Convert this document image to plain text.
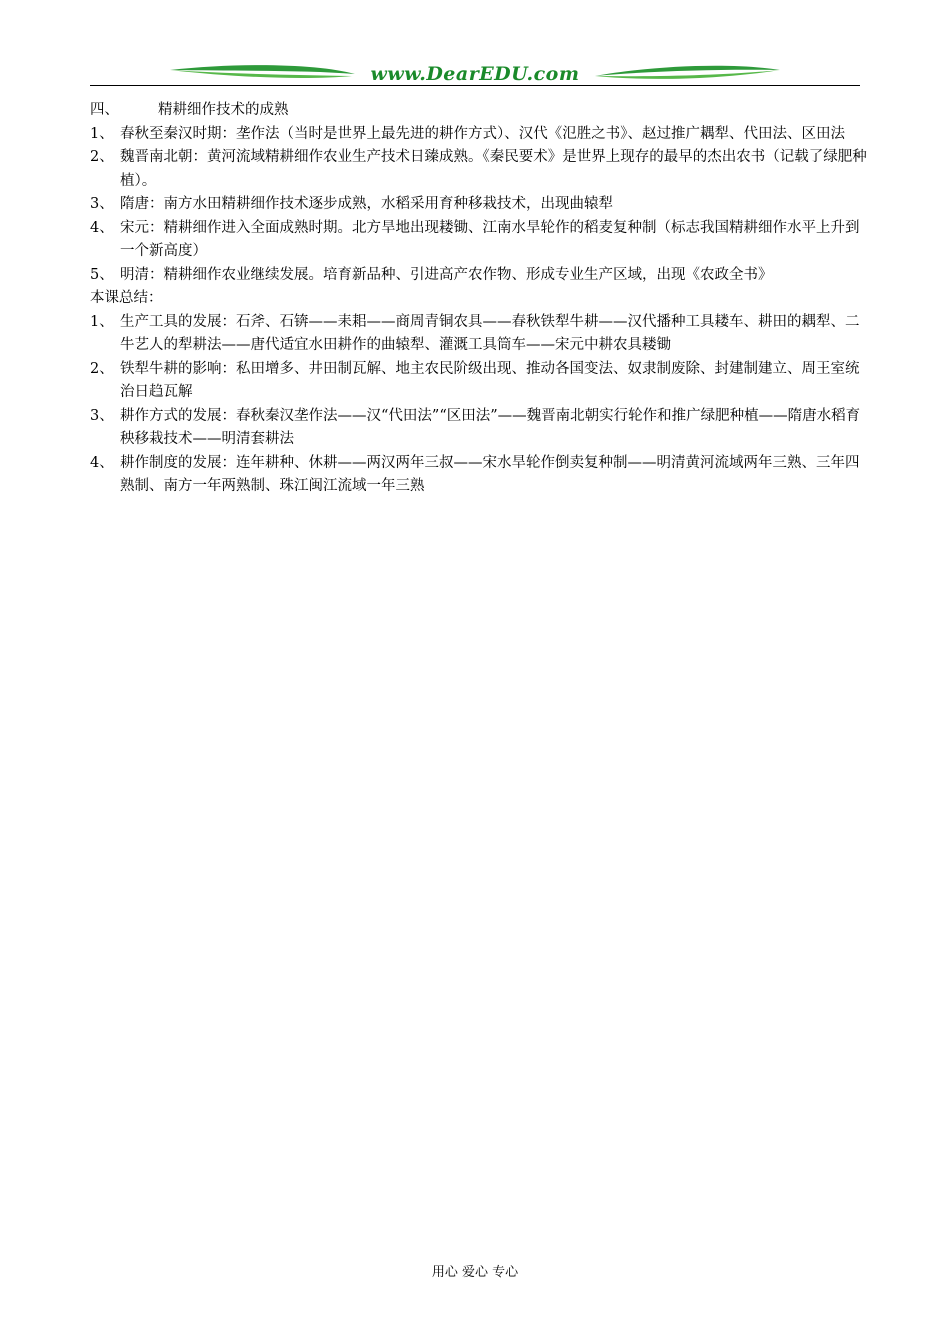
www.DearEDU.com
四、	精耕细作技术的成熟
1、 春秋至秦汉时期：垄作法（当时是世界上最先进的耕作方式）、汉代《氾胜之书》、赵过推广耦犁、代田法、区田法
2、 魏晋南北朝：黄河流域精耕细作农业生产技术日臻成熟。《秦民要术》是世界上现存的最早的杰出农书（记载了绿肥种植）。
3、 隋唐：南方水田精耕细作技术逐步成熟，水稻采用育种移栽技术，出现曲辕犁
4、 宋元：精耕细作进入全面成熟时期。北方旱地出现耧锄、江南水旱轮作的稻麦复种制（标志我国精耕细作水平上升到一个新高度）
5、 明清：精耕细作农业继续发展。培育新品种、引进高产农作物、形成专业生产区域，出现《农政全书》
本课总结：
1、 生产工具的发展：石斧、石锛——耒耜——商周青铜农具——春秋铁犁牛耕——汉代播种工具耧车、耕田的耦犁、二牛艺人的犁耕法——唐代适宜水田耕作的曲辕犁、灌溉工具筒车——宋元中耕农具耧锄
2、 铁犁牛耕的影响：私田增多、井田制瓦解、地主农民阶级出现、推动各国变法、奴隶制废除、封建制建立、周王室统治日趋瓦解
3、 耕作方式的发展：春秋秦汉垄作法——汉“代田法”“区田法”——魏晋南北朝实行轮作和推广绿肥种植——隋唐水稻育秧移栽技术——明清套耕法
4、 耕作制度的发展：连年耕种、休耕——两汉两年三叔——宋水旱轮作倒卖复种制——明清黄河流域两年三熟、三年四熟制、南方一年两熟制、珠江闽江流域一年三熟
用心 爱心 专心
